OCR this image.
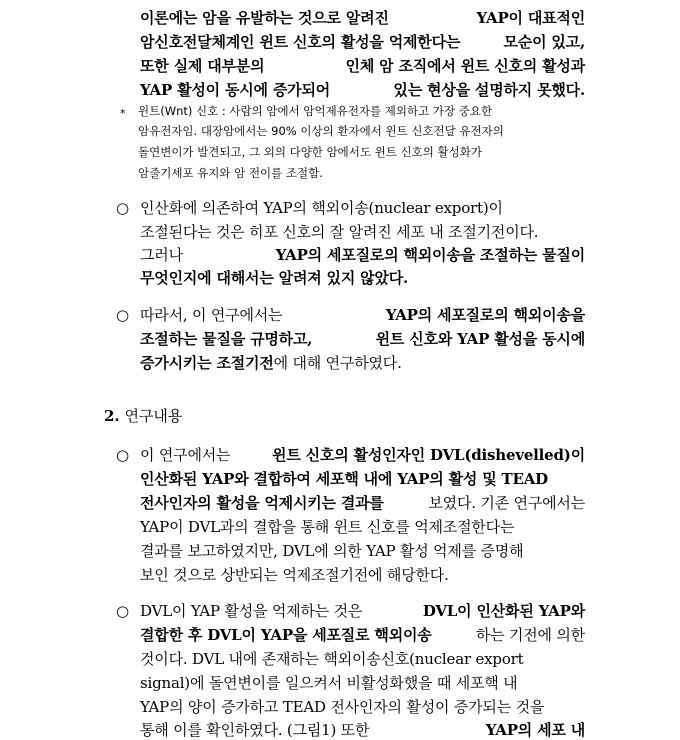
이론에는 암을 유발하는 것으로 알려진	YAP이 대표적인
암신호전달체계인 윈트 신호의 활성을 억제한다는	모순이 있고,
또한 실제 대부분의	인체 암 조직에서 윈트 신호의 활성과
YAP 활성이 동시에 증가되어	있는 현상을 설명하지 못했다.
* 윈트(Wnt) 신호 : 사람의 암에서 암억제유전자를 제외하고 가장 중요한
암유전자임. 대장암에서는 90% 이상의 환자에서 윈트 신호전달 유전자의
돌연변이가 발견되고, 그 외의 다양한 암에서도 윈트 신호의 활성화가
암줄기세포 유지와 암 전이를 조절함.
○ 인산화에 의존하여 YAP의 핵외이송(nuclear export)이
조절된다는 것은 히포 신호의 잘 알려진 세포 내 조절기전이다.
그러나	YAP의 세포질로의 핵외이송을 조절하는 물질이
무엇인지에 대해서는 알려져 있지 않았다.
○ 따라서, 이 연구에서는	YAP의 세포질로의 핵외이송을
조절하는 물질을 규명하고,	윈트 신호와 YAP 활성을 동시에
증가시키는 조절기전에 대해 연구하였다.
2. 연구내용
○ 이 연구에서는	윈트 신호의 활성인자인 DVL(dishevelled)이
인산화된 YAP와 결합하여 세포핵 내에 YAP의 활성 및 TEAD
전사인자의 활성을 억제시키는 결과를	보였다. 기존 연구에서는
YAP이 DVL과의 결합을 통해 윈트 신호를 억제조절한다는
결과를 보고하였지만, DVL에 의한 YAP 활성 억제를 증명해
보인 것으로 상반되는 억제조절기전에 해당한다.
○ DVL이 YAP 활성을 억제하는 것은	DVL이 인산화된 YAP와
결합한 후 DVL이 YAP을 세포질로 핵외이송	하는 기전에 의한
것이다. DVL 내에 존재하는 핵외이송신호(nuclear export
signal)에 돌연변이를 일으켜서 비활성화했을 때 세포핵 내
YAP의 양이 증가하고 TEAD 전사인자의 활성이 증가되는 것을
통해 이를 확인하였다. (그림1) 또한	YAP의 세포 내
